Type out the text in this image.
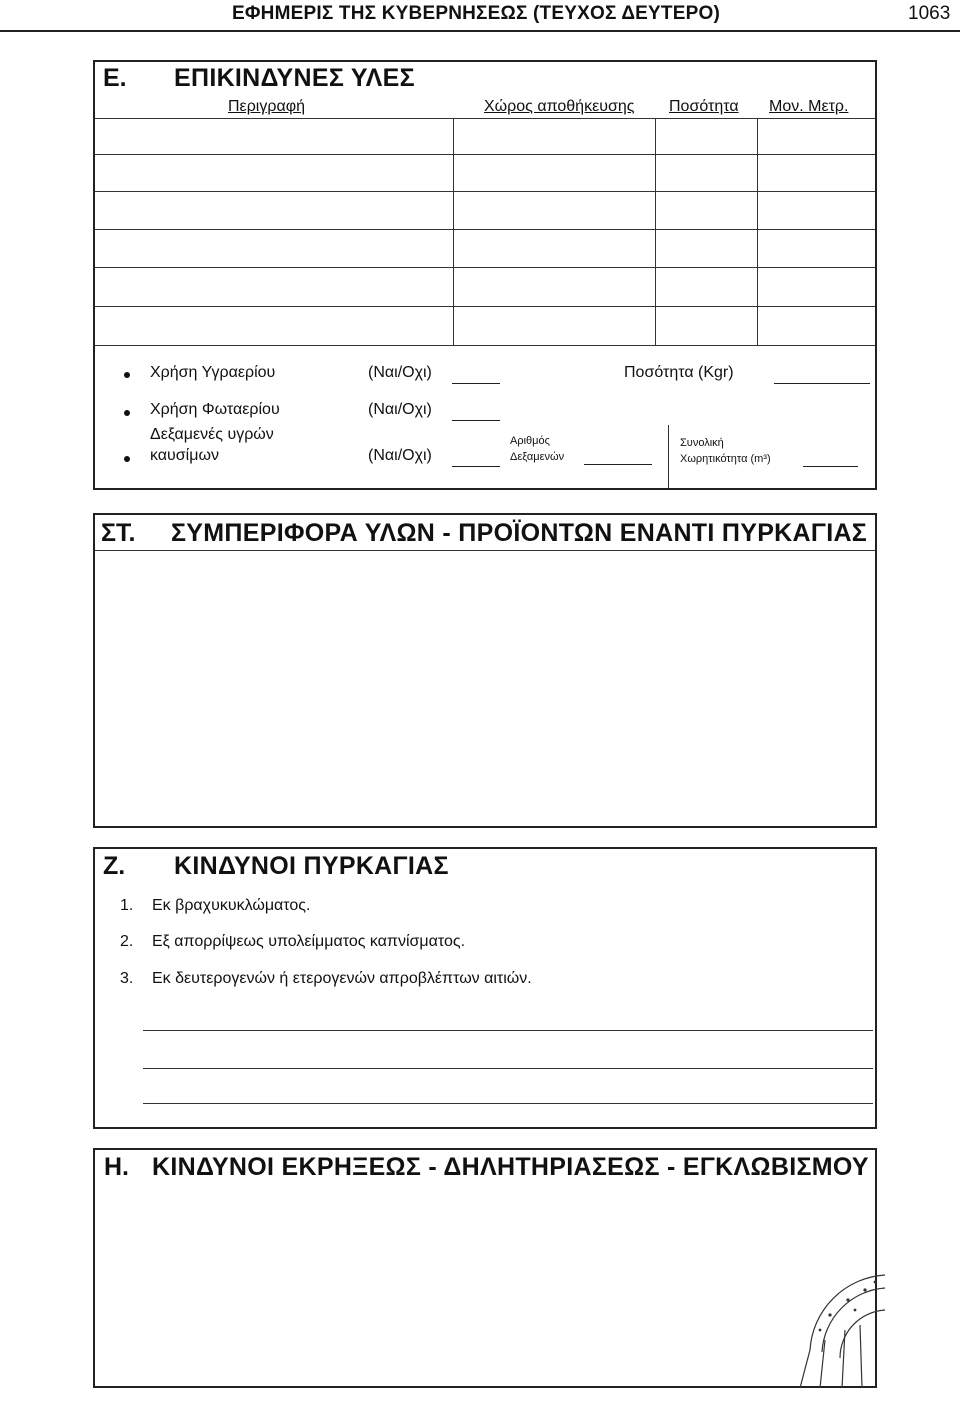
ΕΦΗΜΕΡΙΣ ΤΗΣ ΚΥΒΕΡΝΗΣΕΩΣ (ΤΕΥΧΟΣ ΔΕΥΤΕΡΟ)	1063
Ε. ΕΠΙΚΙΝΔΥΝΕΣ ΥΛΕΣ
Περιγραφή	Χώρος αποθήκευσης Ποσότητα Μον. Μετρ.
Χρήση Υγραερίου	(Ναι/Οχι)	Ποσότητα (Kgr)
Χρήση Φωταερίου	(Ναι/Οχι)
Δεξαμενές υγρών
καυσίμων	(Ναι/Οχι)
Αριθμός
Δεξαμενών
Συνολική
Χωρητικότητα (m³)
ΣΤ. ΣΥΜΠΕΡΙΦΟΡΑ ΥΛΩΝ - ΠΡΟΪΟΝΤΩΝ ΕΝΑΝΤΙ ΠΥΡΚΑΓΙΑΣ
Ζ. ΚΙΝΔΥΝΟΙ ΠΥΡΚΑΓΙΑΣ
1. Εκ βραχυκυκλώματος.
2. Εξ απορρίψεως υπολείμματος καπνίσματος.
3. Εκ δευτερογενών ή ετερογενών απροβλέπτων αιτιών.
Η. ΚΙΝΔΥΝΟΙ ΕΚΡΗΞΕΩΣ - ΔΗΛΗΤΗΡΙΑΣΕΩΣ - ΕΓΚΛΩΒΙΣΜΟΥ
